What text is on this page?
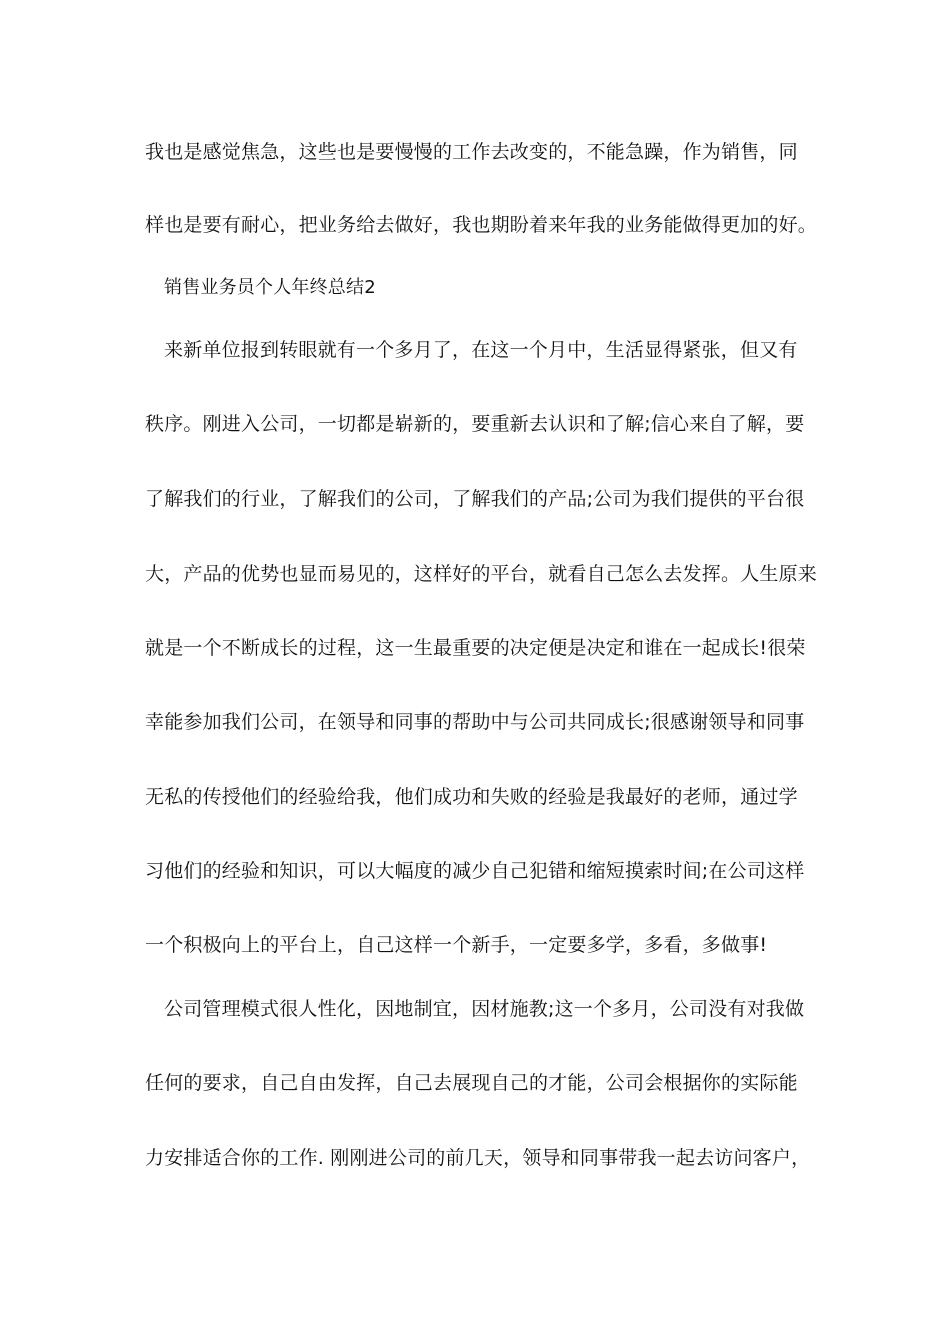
我也是感觉焦急，这些也是要慢慢的工作去改变的，不能急躁，作为销售，同
样也是要有耐心，把业务给去做好，我也期盼着来年我的业务能做得更加的好。
销售业务员个人年终总结2
来新单位报到转眼就有一个多月了，在这一个月中，生活显得紧张，但又有
秩序。刚进入公司，一切都是崭新的，要重新去认识和了解;信心来自了解，要
了解我们的行业，了解我们的公司，了解我们的产品;公司为我们提供的平台很
大，产品的优势也显而易见的，这样好的平台，就看自己怎么去发挥。人生原来
就是一个不断成长的过程，这一生最重要的决定便是决定和谁在一起成长!很荣
幸能参加我们公司，在领导和同事的帮助中与公司共同成长;很感谢领导和同事
无私的传授他们的经验给我，他们成功和失败的经验是我最好的老师，通过学
习他们的经验和知识，可以大幅度的减少自己犯错和缩短摸索时间;在公司这样
一个积极向上的平台上，自己这样一个新手，一定要多学，多看，多做事!
公司管理模式很人性化，因地制宜，因材施教;这一个多月，公司没有对我做
任何的要求，自己自由发挥，自己去展现自己的才能，公司会根据你的实际能
力安排适合你的工作. 刚刚进公司的前几天，领导和同事带我一起去访问客户，
